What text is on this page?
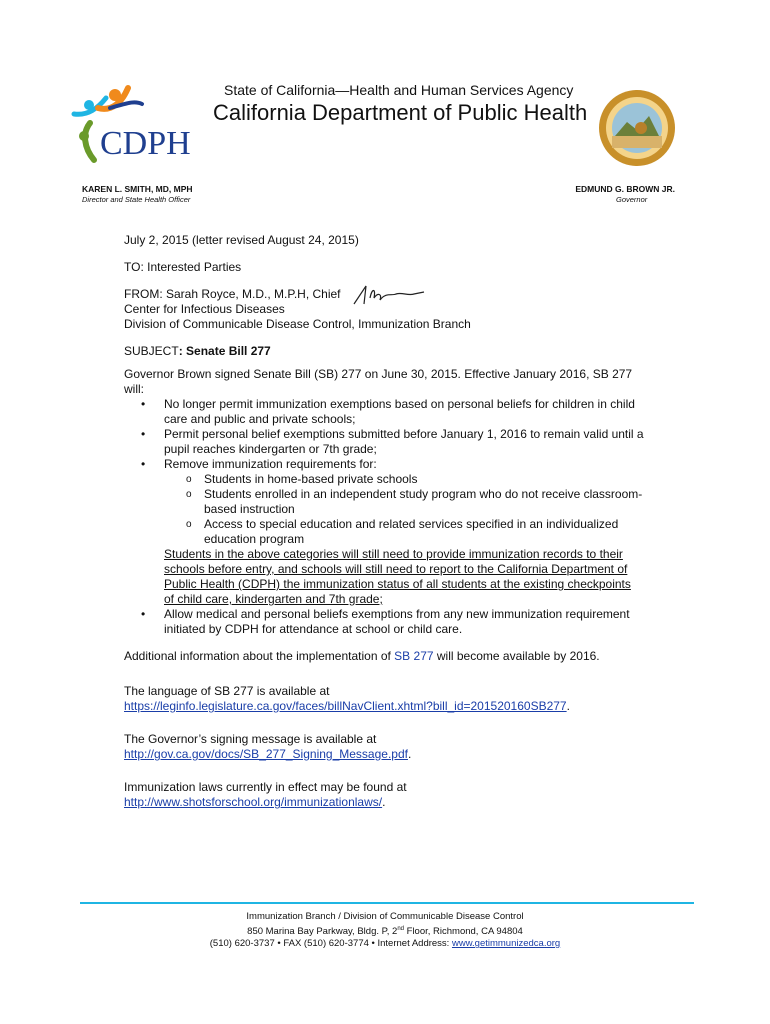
CDPH
State of California—Health and Human Services Agency
California Department of Public Health
KAREN L. SMITH, MD, MPH
Director and State Health Officer
EDMUND G. BROWN JR.
Governor

July 2, 2015 (letter revised August 24, 2015)

TO: Interested Parties

FROM: Sarah Royce, M.D., M.P.H, Chief

Center for Infectious Diseases

Division of Communicable Disease Control, Immunization Branch

SUBJECT: Senate Bill 277

Governor Brown signed Senate Bill (SB) 277 on June 30, 2015. Effective January 2016, SB 277 will:

• No longer permit immunization exemptions based on personal beliefs for children in child care and public and private schools;
• Permit personal belief exemptions submitted before January 1, 2016 to remain valid until a pupil reaches kindergarten or 7th grade;
• Remove immunization requirements for:
o Students in home-based private schools
o Students enrolled in an independent study program who do not receive classroom-based instruction
o Access to special education and related services specified in an individualized education program
Students in the above categories will still need to provide immunization records to their schools before entry, and schools will still need to report to the California Department of Public Health (CDPH) the immunization status of all students at the existing checkpoints of child care, kindergarten and 7th grade;
• Allow medical and personal beliefs exemptions from any new immunization requirement initiated by CDPH for attendance at school or child care.

Additional information about the implementation of SB 277 will become available by 2016.

The language of SB 277 is available at

https://leginfo.legislature.ca.gov/faces/billNavClient.xhtml?bill_id=201520160SB277.

The Governor’s signing message is available at

http://gov.ca.gov/docs/SB_277_Signing_Message.pdf.

Immunization laws currently in effect may be found at

http://www.shotsforschool.org/immunizationlaws/.

Immunization Branch / Division of Communicable Disease Control
850 Marina Bay Parkway, Bldg. P, 2nd Floor, Richmond, CA 94804
(510) 620-3737 • FAX (510) 620-3774 • Internet Address: www.getimmunizedca.org
